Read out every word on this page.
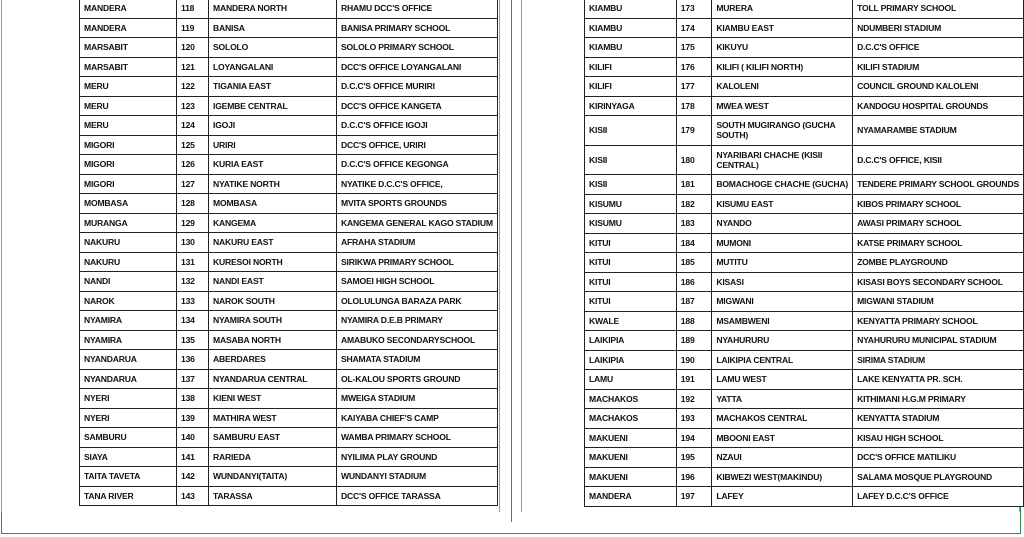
MANDERA	118	MANDERA NORTH	RHAMU DCC'S OFFICE
MANDERA	119	BANISA	BANISA PRIMARY SCHOOL
MARSABIT	120	SOLOLO	SOLOLO PRIMARY SCHOOL
MARSABIT	121	LOYANGALANI	DCC'S OFFICE LOYANGALANI
MERU	122	TIGANIA EAST	D.C.C'S OFFICE MURIRI
MERU	123	IGEMBE CENTRAL	DCC'S OFFICE KANGETA
MERU	124	IGOJI	D.C.C'S OFFICE IGOJI
MIGORI	125	URIRI	DCC'S OFFICE, URIRI
MIGORI	126	KURIA EAST	D.C.C'S OFFICE KEGONGA
MIGORI	127	NYATIKE NORTH	NYATIKE D.C.C'S OFFICE,
MOMBASA	128	MOMBASA	MVITA SPORTS GROUNDS
MURANGA	129	KANGEMA	KANGEMA GENERAL KAGO STADIUM
NAKURU	130	NAKURU EAST	AFRAHA STADIUM
NAKURU	131	KURESOI NORTH	SIRIKWA PRIMARY SCHOOL
NANDI	132	NANDI EAST	SAMOEI HIGH SCHOOL
NAROK	133	NAROK SOUTH	OLOLULUNGA BARAZA PARK
NYAMIRA	134	NYAMIRA SOUTH	NYAMIRA D.E.B PRIMARY
NYAMIRA	135	MASABA NORTH	AMABUKO SECONDARYSCHOOL
NYANDARUA	136	ABERDARES	SHAMATA STADIUM
NYANDARUA	137	NYANDARUA CENTRAL	OL-KALOU SPORTS GROUND
NYERI	138	KIENI WEST	MWEIGA STADIUM
NYERI	139	MATHIRA WEST	KAIYABA CHIEF'S CAMP
SAMBURU	140	SAMBURU EAST	WAMBA PRIMARY SCHOOL
SIAYA	141	RARIEDA	NYILIMA PLAY GROUND
TAITA TAVETA	142	WUNDANYI(TAITA)	WUNDANYI STADIUM
TANA RIVER	143	TARASSA	DCC'S OFFICE TARASSA
KIAMBU	173	MURERA	TOLL PRIMARY SCHOOL
KIAMBU	174	KIAMBU EAST	NDUMBERI STADIUM
KIAMBU	175	KIKUYU	D.C.C'S OFFICE
KILIFI	176	KILIFI ( KILIFI NORTH)	KILIFI STADIUM
KILIFI	177	KALOLENI	COUNCIL GROUND KALOLENI
KIRINYAGA	178	MWEA WEST	KANDOGU HOSPITAL GROUNDS
KISII	179	SOUTH MUGIRANGO (GUCHA SOUTH)	NYAMARAMBE STADIUM
KISII	180	NYARIBARI CHACHE (KISII CENTRAL)	D.C.C'S OFFICE, KISII
KISII	181	BOMACHOGE CHACHE (GUCHA)	TENDERE PRIMARY SCHOOL GROUNDS
KISUMU	182	KISUMU EAST	KIBOS PRIMARY SCHOOL
KISUMU	183	NYANDO	AWASI PRIMARY SCHOOL
KITUI	184	MUMONI	KATSE PRIMARY SCHOOL
KITUI	185	MUTITU	ZOMBE PLAYGROUND
KITUI	186	KISASI	KISASI BOYS SECONDARY SCHOOL
KITUI	187	MIGWANI	MIGWANI STADIUM
KWALE	188	MSAMBWENI	KENYATTA PRIMARY SCHOOL
LAIKIPIA	189	NYAHURURU	NYAHURURU MUNICIPAL STADIUM
LAIKIPIA	190	LAIKIPIA CENTRAL	SIRIMA STADIUM
LAMU	191	LAMU WEST	LAKE KENYATTA PR. SCH.
MACHAKOS	192	YATTA	KITHIMANI H.G.M PRIMARY
MACHAKOS	193	MACHAKOS CENTRAL	KENYATTA STADIUM
MAKUENI	194	MBOONI EAST	KISAU HIGH SCHOOL
MAKUENI	195	NZAUI	DCC'S OFFICE MATILIKU
MAKUENI	196	KIBWEZI WEST(MAKINDU)	SALAMA MOSQUE PLAYGROUND
MANDERA	197	LAFEY	LAFEY D.C.C'S OFFICE
